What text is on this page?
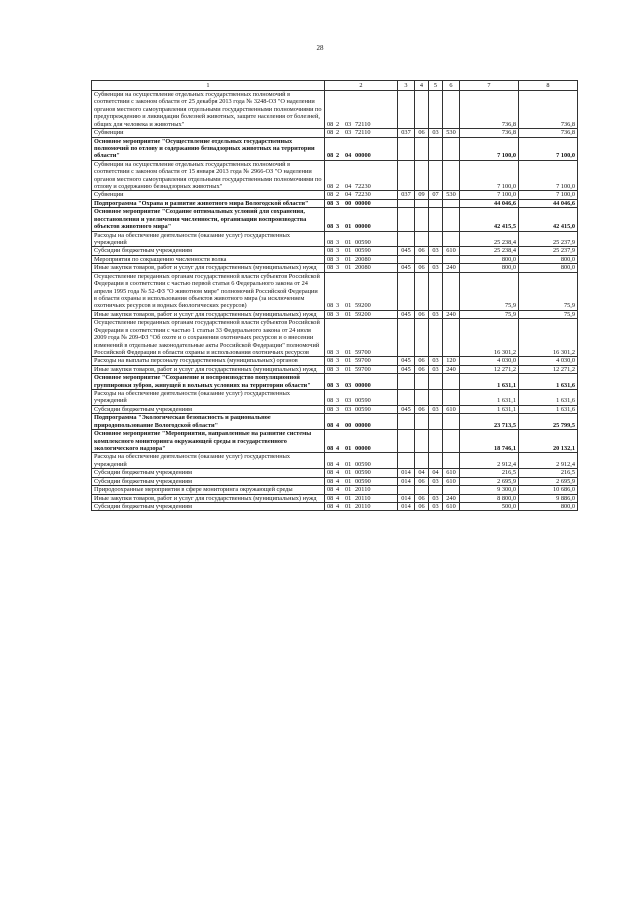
28
1	2	3	4	5	6	7	8
Субвенции на осуществление отдельных государственных полномочий в соответствии с законом области от 25 декабря 2013 года № 3248-ОЗ "О наделении органов местного самоуправления отдельными государственными полномочиями по предупреждению и ликвидации болезней животных, защите населения от болезней, общих для человека и животных"	08 2 03 72110					736,8	736,8
Субвенции	08 2 03 72110	037	06	03	530	736,8	736,8
Основное мероприятие "Осуществление отдельных государственных полномочий по отлову и содержанию безнадзорных животных на территории области"	08 2 04 00000					7 100,0	7 100,0
Субвенции на осуществление отдельных государственных полномочий в соответствии с законом области от 15 января 2013 года № 2966-ОЗ "О наделении органов местного самоуправления отдельными государственными полномочиями по отлову и содержанию безнадзорных животных"	08 2 04 72230					7 100,0	7 100,0
Субвенции	08 2 04 72230	037	09	07	530	7 100,0	7 100,0
Подпрограмма "Охрана и развитие животного мира Вологодской области"	08 3 00 00000					44 046,6	44 046,6
Основное мероприятие "Создание оптимальных условий для сохранения, восстановления и увеличения численности, организации воспроизводства объектов животного мира"	08 3 01 00000					42 415,5	42 415,0
Расходы на обеспечение деятельности (оказание услуг) государственных учреждений	08 3 01 00590					25 238,4	25 237,9
Субсидии бюджетным учреждениям	08 3 01 00590	045	06	03	610	25 238,4	25 237,9
Мероприятия по сокращению численности волка	08 3 01 20080					800,0	800,0
Иные закупки товаров, работ и услуг для государственных (муниципальных) нужд	08 3 01 20080	045	06	03	240	800,0	800,0
Осуществление переданных органам государственной власти субъектов Российской Федерации в соответствии с частью первой статьи 6 Федерального закона от 24 апреля 1995 года № 52-ФЗ "О животном мире" полномочий Российской Федерации в области охраны и использования объектов животного мира (за исключением охотничьих ресурсов и водных биологических ресурсов)	08 3 01 59200					75,9	75,9
Иные закупки товаров, работ и услуг для государственных (муниципальных) нужд	08 3 01 59200	045	06	03	240	75,9	75,9
Осуществление переданных органам государственной власти субъектов Российской Федерации в соответствии с частью 1 статьи 33 Федерального закона от 24 июля 2009 года № 209-ФЗ "Об охоте и о сохранении охотничьих ресурсов и о внесении изменений в отдельные законодательные акты Российской Федерации" полномочий Российской Федерации в области охраны и использования охотничьих ресурсов	08 3 01 59700					16 301,2	16 301,2
Расходы на выплаты персоналу государственных (муниципальных) органов	08 3 01 59700	045	06	03	120	4 030,0	4 030,0
Иные закупки товаров, работ и услуг для государственных (муниципальных) нужд	08 3 01 59700	045	06	03	240	12 271,2	12 271,2
Основное мероприятие "Сохранение и воспроизводство популяционной группировки зубров, живущей в вольных условиях на территории области"	08 3 03 00000					1 631,1	1 631,6
Расходы на обеспечение деятельности (оказание услуг) государственных учреждений	08 3 03 00590					1 631,1	1 631,6
Субсидии бюджетным учреждениям	08 3 03 00590	045	06	03	610	1 631,1	1 631,6
Подпрограмма "Экологическая безопасность и рациональное природопользование Вологодской области"	08 4 00 00000					23 713,5	25 799,5
Основное мероприятие "Мероприятия, направленные на развитие системы комплексного мониторинга окружающей среды и государственного экологического надзора"	08 4 01 00000					18 746,1	20 132,1
Расходы на обеспечение деятельности (оказание услуг) государственных учреждений	08 4 01 00590					2 912,4	2 912,4
Субсидии бюджетным учреждениям	08 4 01 00590	014	04	04	610	216,5	216,5
Субсидии бюджетным учреждениям	08 4 01 00590	014	06	03	610	2 695,9	2 695,9
Природоохранные мероприятия в сфере мониторинга окружающей среды	08 4 01 20110					9 300,0	10 686,0
Иные закупки товаров, работ и услуг для государственных (муниципальных) нужд	08 4 01 20110	014	06	03	240	8 800,0	9 886,0
Субсидии бюджетным учреждениям	08 4 01 20110	014	06	03	610	500,0	800,0
